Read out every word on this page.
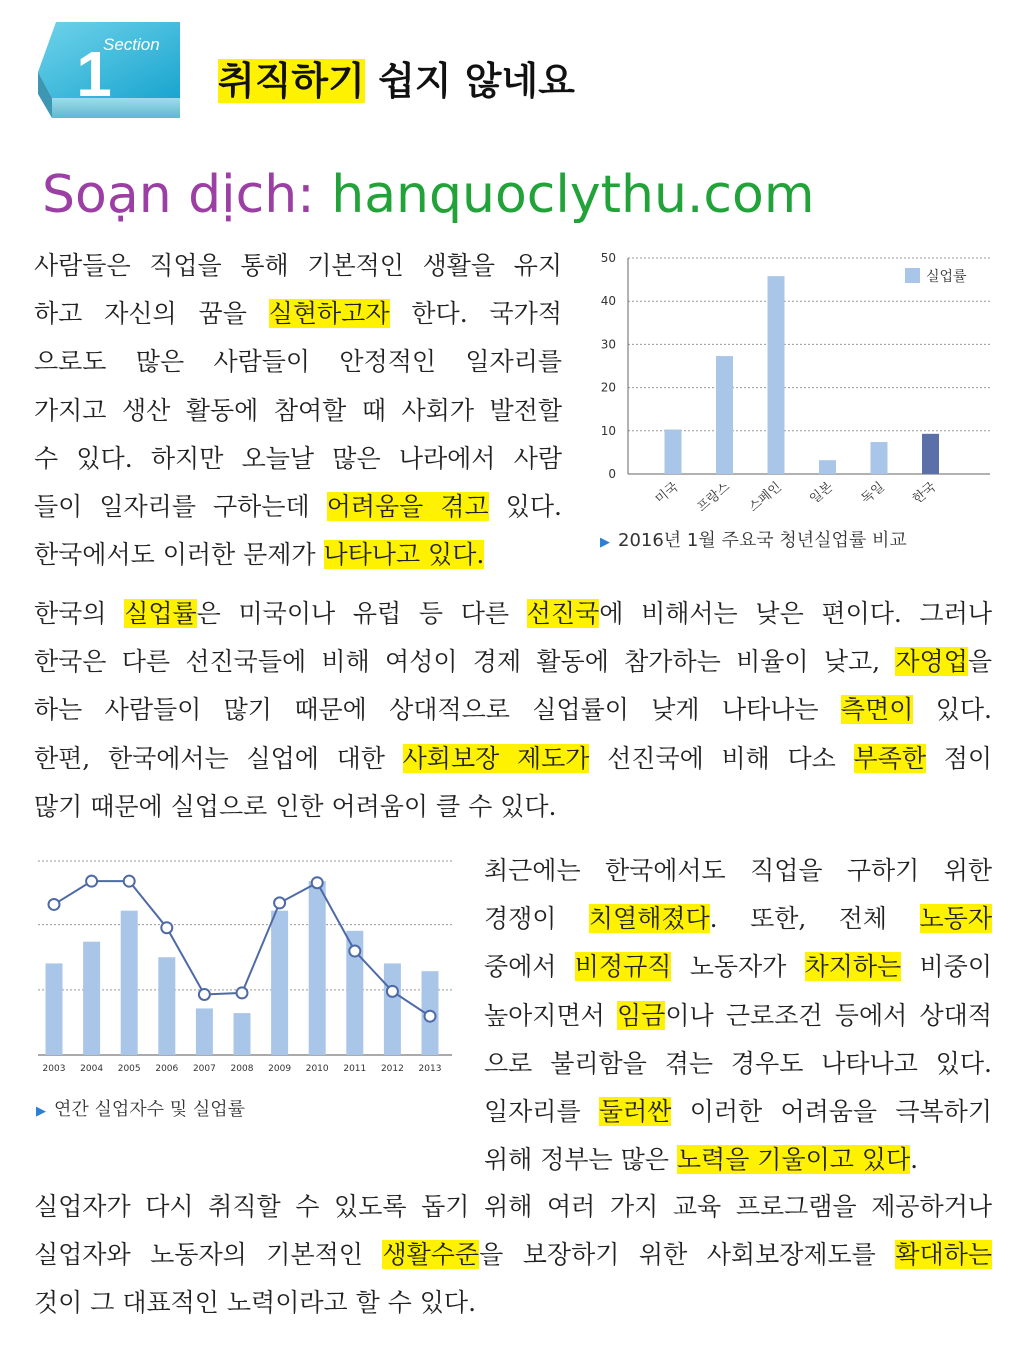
Section
1	취직하기 쉽지 않네요
Soạn dịch: hanquoclythu.com
사람들은 직업을 통해 기본적인 생활을 유지
하고 자신의 꿈을 실현하고자 한다. 국가적
으로도 많은 사람들이 안정적인 일자리를
가지고 생산 활동에 참여할 때 사회가 발전할
수 있다. 하지만 오늘날 많은 나라에서 사람
들이 일자리를 구하는데 어려움을 겪고 있다.
한국에서도 이러한 문제가 나타나고 있다.
0
10
20
30
40
50
미국 프랑스 스페인 일본 독일 한국
실업률
▶ 2016년 1월 주요국 청년실업률 비교
한국의 실업률은 미국이나 유럽 등 다른 선진국에 비해서는 낮은 편이다. 그러나
한국은 다른 선진국들에 비해 여성이 경제 활동에 참가하는 비율이 낮고, 자영업을
하는 사람들이 많기 때문에 상대적으로 실업률이 낮게 나타나는 측면이 있다.
한편, 한국에서는 실업에 대한 사회보장 제도가 선진국에 비해 다소 부족한 점이
많기 때문에 실업으로 인한 어려움이 클 수 있다.
2003 2004 2005 2006 2007 2008 2009 2010 2011 2012 2013
▶ 연간 실업자수 및 실업률
최근에는 한국에서도 직업을 구하기 위한
경쟁이 치열해졌다. 또한, 전체 노동자
중에서 비정규직 노동자가 차지하는 비중이
높아지면서 임금이나 근로조건 등에서 상대적
으로 불리함을 겪는 경우도 나타나고 있다.
일자리를 둘러싼 이러한 어려움을 극복하기
위해 정부는 많은 노력을 기울이고 있다.
실업자가 다시 취직할 수 있도록 돕기 위해 여러 가지 교육 프로그램을 제공하거나
실업자와 노동자의 기본적인 생활수준을 보장하기 위한 사회보장제도를 확대하는
것이 그 대표적인 노력이라고 할 수 있다.
